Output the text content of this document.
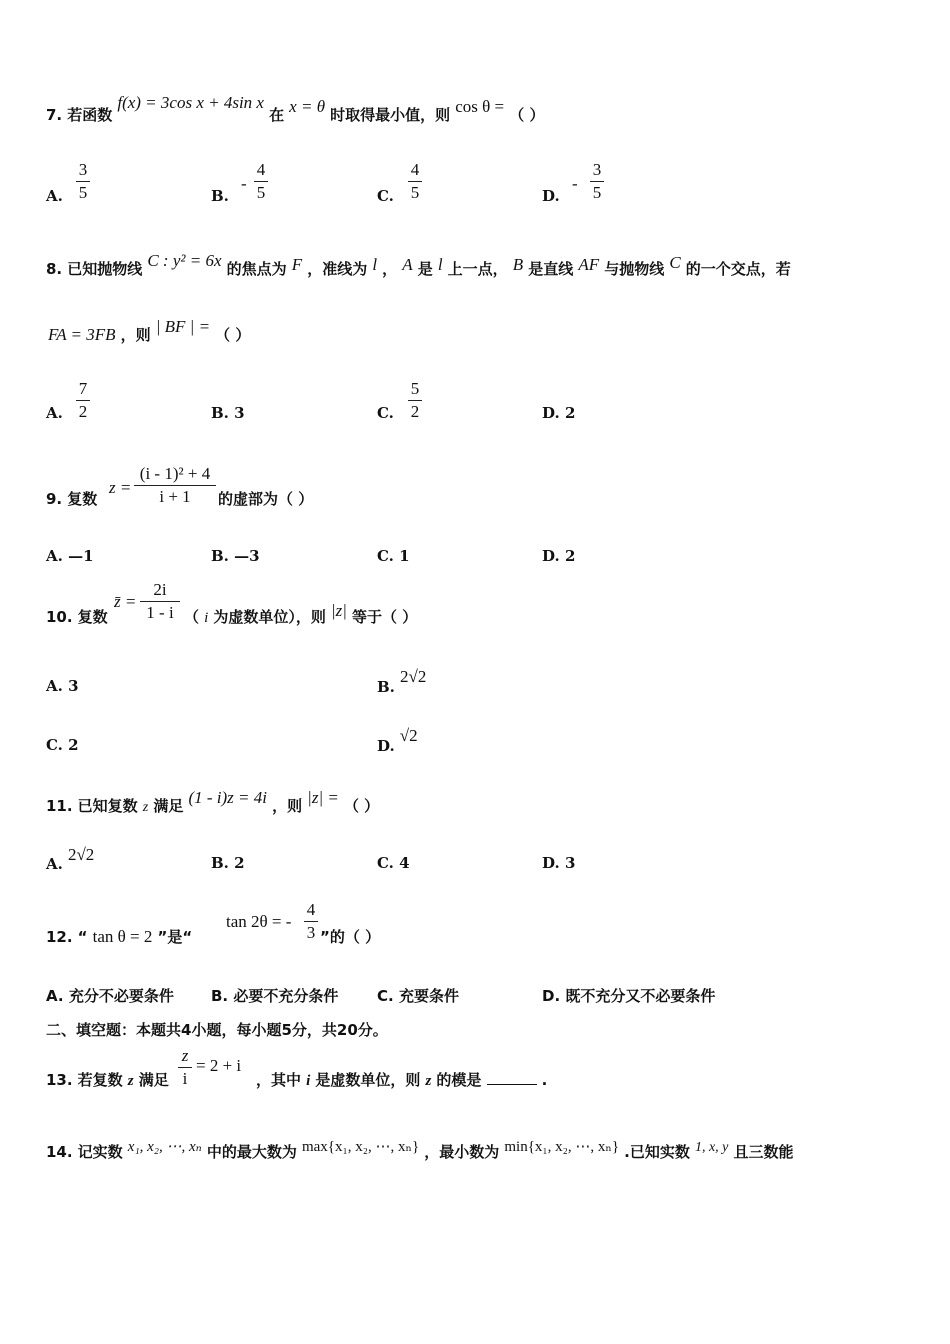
7. 若函数 f(x) = 3cos x + 4sin x 在 x = θ 时取得最小值，则 cos θ = （ ）
A.
3
5	B.
-
4
5	C.
4
5	D.
-
3
5
8. 已知抛物线 C : y² = 6x 的焦点为 F ，准线为 l ， A 是 l 上一点， B 是直线 AF 与抛物线 C 的一个交点，若
FA = 3FB ，则 | BF | = （ ）
A.
7
2	B. 3	C.
5
2	D. 2
9. 复数
z =
(i - 1)² + 4
i + 1	的虚部为（ ）
A. —1	B. —3	C. 1	D. 2
10. 复数
z̄ =
2i
1 - i （ i 为虚数单位），则 |z| 等于（ ）
A. 3	B. 2√2
C. 2	D. √2
11. 已知复数 z 满足 (1 - i)z = 4i ，则 |z| = （ ）
A. 2√2	B. 2	C. 4	D. 3
12. “ tan θ = 2 ”是“
tan 2θ = -
4
3 ”的（ ）
A. 充分不必要条件 B. 必要不充分条件	C. 充要条件	D. 既不充分又不必要条件
二、填空题：本题共4小题，每小题5分，共20分。
13. 若复数 z 满足
z
i
= 2 + i
，其中 i 是虚数单位，则 z 的模是	.
14. 记实数 x₁, x₂, ⋯, xₙ 中的最大数为 max{x₁, x₂, ⋯, xₙ} ，最小数为 min{x₁, x₂, ⋯, xₙ} .已知实数 1, x, y 且三数能
